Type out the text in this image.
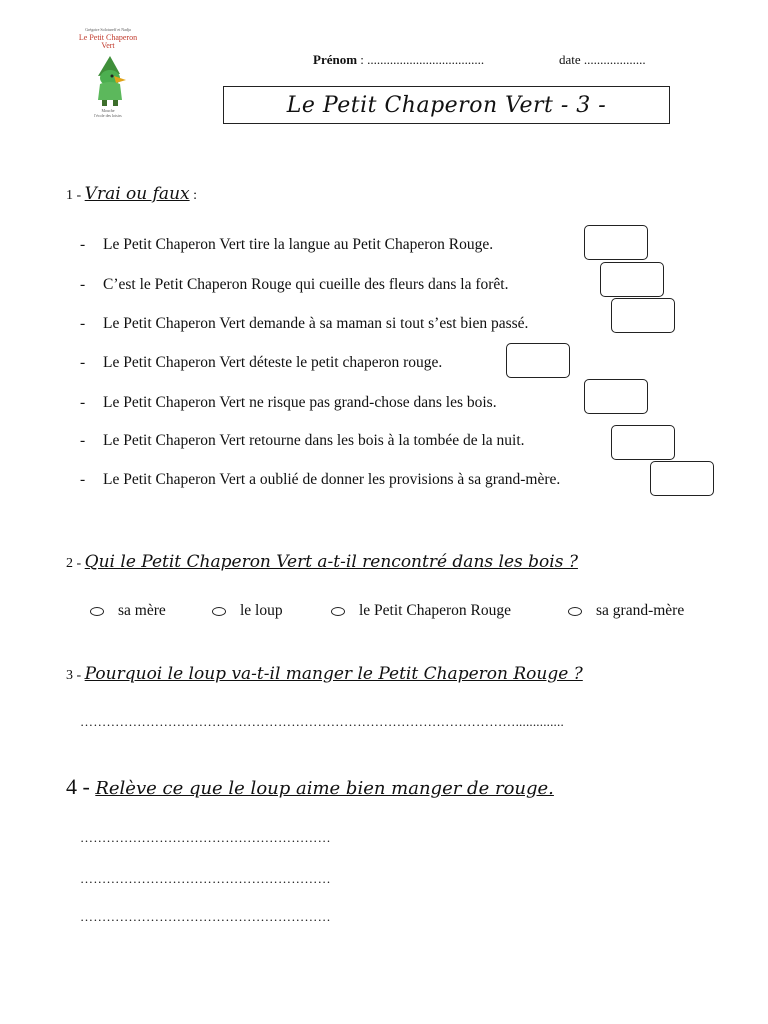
Grégoire Solotareff et Nadja
Le Petit Chaperon
Vert
Mouche
l'école des loisirs
Prénom : ....................................	date ...................
Le Petit Chaperon Vert - 3 -
1 - Vrai ou faux :
- Le Petit Chaperon Vert tire la langue au Petit Chaperon Rouge.
- C’est le Petit Chaperon Rouge qui cueille des fleurs dans la forêt.
- Le Petit Chaperon Vert demande à sa maman si tout s’est bien passé.
- Le Petit Chaperon Vert déteste le petit chaperon rouge.
- Le Petit Chaperon Vert ne risque pas grand-chose dans les bois.
- Le Petit Chaperon Vert retourne dans les bois à la tombée de la nuit.
- Le Petit Chaperon Vert a oublié de donner les provisions à sa grand-mère.
2 - Qui le Petit Chaperon Vert a-t-il rencontré dans les bois ?
sa mère	le loup	le Petit Chaperon Rouge	sa grand-mère
3 - Pourquoi le loup va-t-il manger le Petit Chaperon Rouge ?
………………………………………………………………………………………..............
4 - Relève ce que le loup aime bien manger de rouge.
…………………………………………………
…………………………………………………
…………………………………………………
